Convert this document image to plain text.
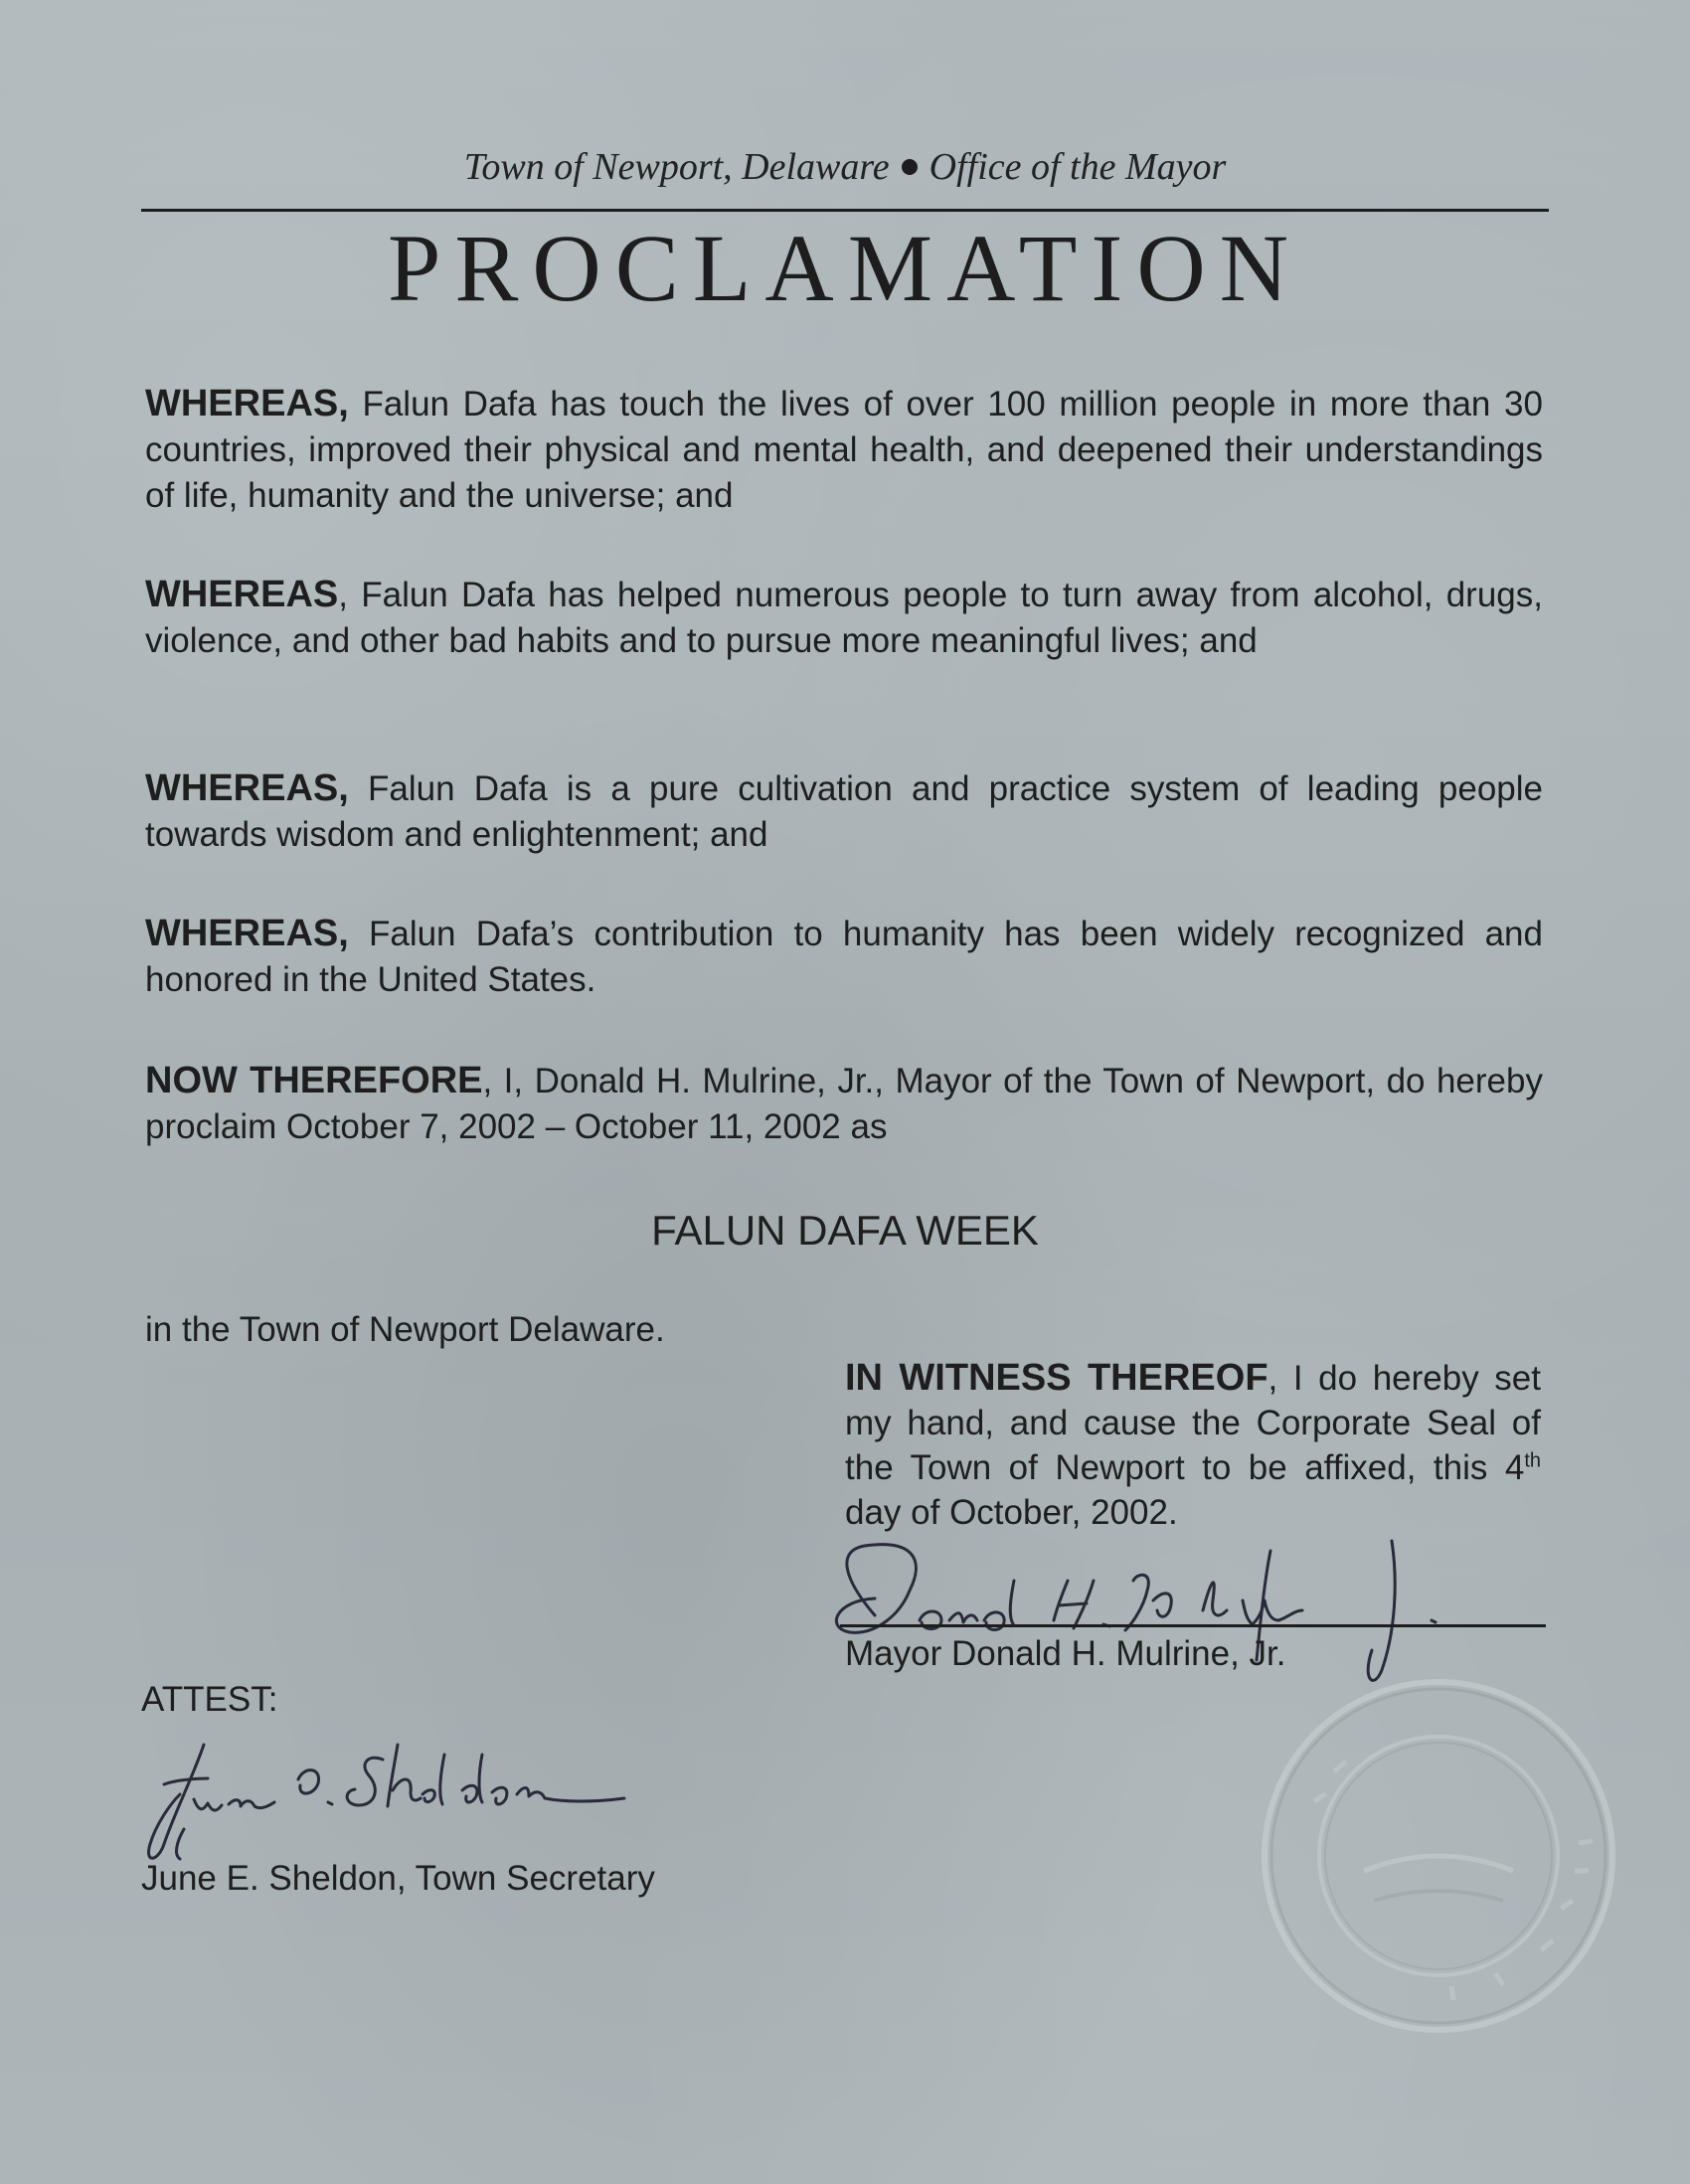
Town of Newport, Delaware Office of the Mayor
PROCLAMATION
WHEREAS, Falun Dafa has touch the lives of over 100 million people in more than 30 countries, improved their physical and mental health, and deepened their understandings of life, humanity and the universe; and
WHEREAS, Falun Dafa has helped numerous people to turn away from alcohol, drugs, violence, and other bad habits and to pursue more meaningful lives; and
WHEREAS, Falun Dafa is a pure cultivation and practice system of leading people towards wisdom and enlightenment; and
WHEREAS, Falun Dafa’s contribution to humanity has been widely recognized and honored in the United States.
NOW THEREFORE, I, Donald H. Mulrine, Jr., Mayor of the Town of Newport, do hereby proclaim October 7, 2002 – October 11, 2002 as
FALUN DAFA WEEK
in the Town of Newport Delaware.
IN WITNESS THEREOF, I do hereby set my hand, and cause the Corporate Seal of the Town of Newport to be affixed, this 4th day of October, 2002.
Mayor Donald H. Mulrine, Jr.
ATTEST:
June E. Sheldon, Town Secretary
